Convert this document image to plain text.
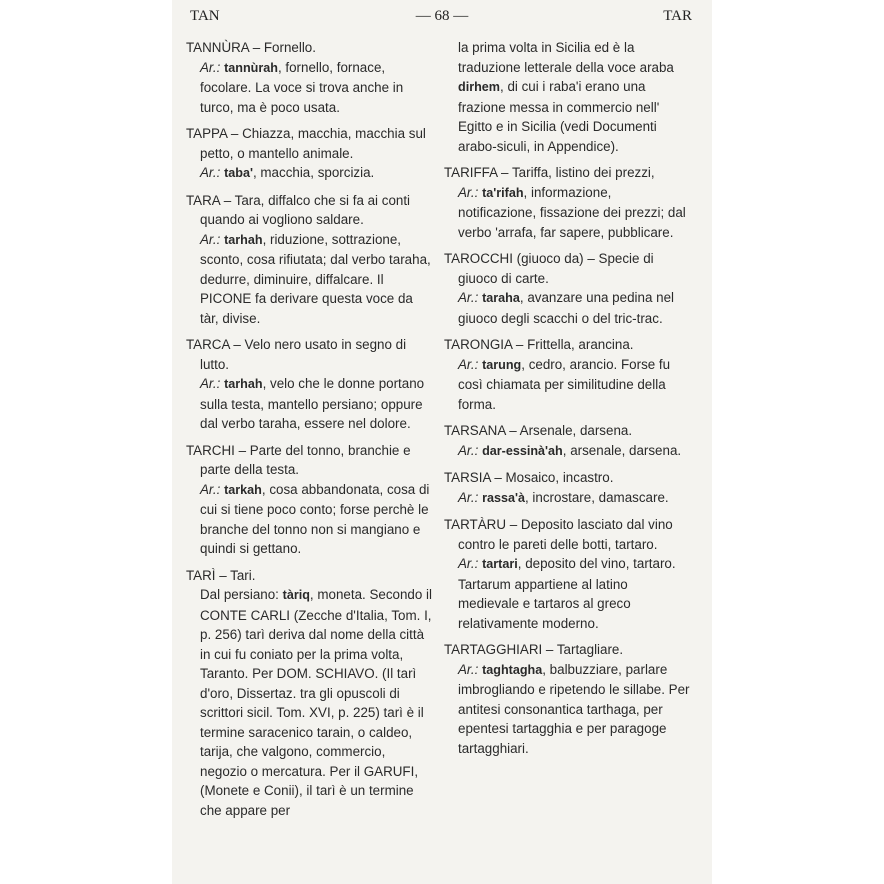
TAN	— 68 —	TAR

TANNÙRA – Fornello.

Ar.: tannùrah, fornello, fornace, focolare. La voce si trova anche in turco, ma è poco usata.

TAPPA – Chiazza, macchia, macchia sul petto, o mantello animale.

Ar.: taba', macchia, sporcizia.

TARA – Tara, diffalco che si fa ai conti quando ai vogliono saldare.

Ar.: tarhah, riduzione, sottrazione, sconto, cosa rifiutata; dal verbo taraha, dedurre, diminuire, diffalcare. Il PICONE fa derivare questa voce da tàr, divise.

TARCA – Velo nero usato in segno di lutto.

Ar.: tarhah, velo che le donne portano sulla testa, mantello persiano; oppure dal verbo taraha, essere nel dolore.

TARCHI – Parte del tonno, branchie e parte della testa.

Ar.: tarkah, cosa abbandonata, cosa di cui si tiene poco conto; forse perchè le branche del tonno non si mangiano e quindi si gettano.

TARÌ – Tari.

Dal persiano: tàriq, moneta. Secondo il CONTE CARLI (Zecche d'Italia, Tom. I, p. 256) tarì deriva dal nome della città in cui fu coniato per la prima volta, Taranto. Per DOM. SCHIAVO. (Il tarì d'oro, Dissertaz. tra gli opuscoli di scrittori sicil. Tom. XVI, p. 225) tarì è il termine saracenico tarain, o caldeo, tarija, che valgono, commercio, negozio o mercatura. Per il GARUFI, (Monete e Conii), il tarì è un termine che appare per

la prima volta in Sicilia ed è la traduzione letterale della voce araba dirhem, di cui i raba'i erano una frazione messa in commercio nell' Egitto e in Sicilia (vedi Documenti arabo-siculi, in Appendice).

TARIFFA – Tariffa, listino dei prezzi,

Ar.: ta'rifah, informazione, notificazione, fissazione dei prezzi; dal verbo 'arrafa, far sapere, pubblicare.

TAROCCHI (giuoco da) – Specie di giuoco di carte.

Ar.: taraha, avanzare una pedina nel giuoco degli scacchi o del tric-trac.

TARONGIA – Frittella, arancina.

Ar.: tarung, cedro, arancio. Forse fu così chiamata per similitudine della forma.

TARSANA – Arsenale, darsena.

Ar.: dar-essinà'ah, arsenale, darsena.

TARSIA – Mosaico, incastro.

Ar.: rassa'à, incrostare, damascare.

TARTÀRU – Deposito lasciato dal vino contro le pareti delle botti, tartaro.

Ar.: tartari, deposito del vino, tartaro. Tartarum appartiene al latino medievale e tartaros al greco relativamente moderno.

TARTAGGHIARI – Tartagliare.

Ar.: taghtagha, balbuzziare, parlare imbrogliando e ripetendo le sillabe. Per antitesi consonantica tarthaga, per epentesi tartagghia e per paragoge tartagghiari.
